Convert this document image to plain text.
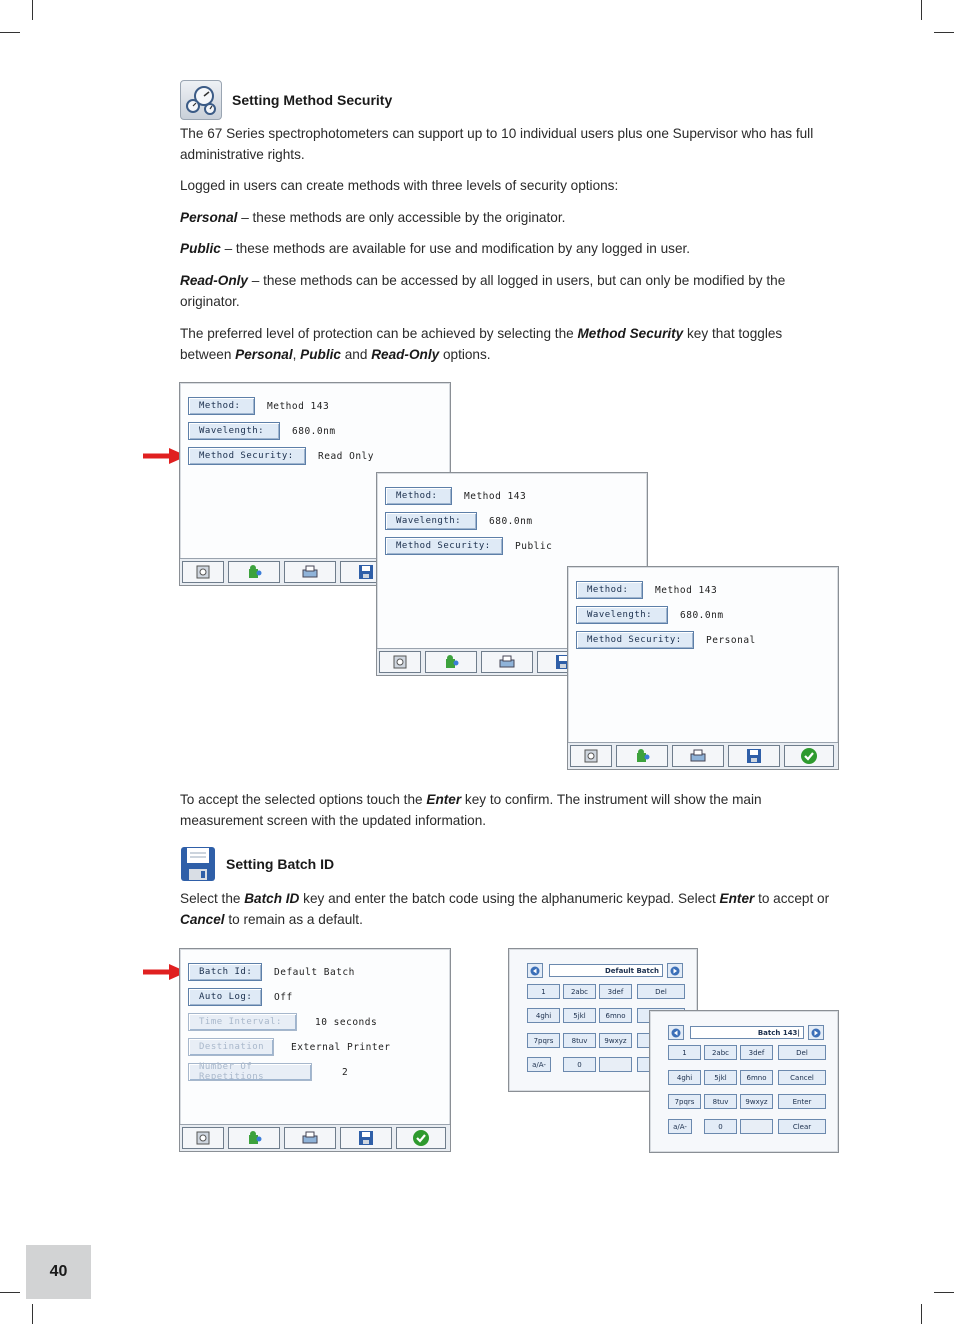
Setting Method Security

The 67 Series spectrophotometers can support up to 10 individual users plus one Supervisor who has full administrative rights.

Logged in users can create methods with three levels of security options:

Personal – these methods are only accessible by the originator.

Public – these methods are available for use and modification by any logged in user.

Read-Only – these methods can be accessed by all logged in users, but can only be modified by the originator.

The preferred level of protection can be achieved by selecting the Method Security key that toggles between Personal, Public and Read-Only options.

Method:	Method 143
Wavelength:	680.0nm
Method Security:	Read Only
Method:	Method 143
Wavelength:	680.0nm
Method Security:	Public
Method:	Method 143
Wavelength:	680.0nm
Method Security:	Personal

To accept the selected options touch the Enter key to confirm. The instrument will show the main measurement screen with the updated information.

Setting Batch ID

Select the Batch ID key and enter the batch code using the alphanumeric keypad. Select Enter to accept or Cancel to remain as a default.

Batch Id:	Default Batch
Auto Log:	Off
Time Interval:	10 seconds
Destination	External Printer
Number Of Repetitions	2
Default Batch
1	2abc	3def	Del
4ghi	5jkl	6mno
7pqrs	8tuv	9wxyz
a/A-	0
Batch 143|
1	2abc	3def	Del
4ghi	5jkl	6mno	Cancel
7pqrs	8tuv	9wxyz	Enter
a/A-	0	Clear
40
